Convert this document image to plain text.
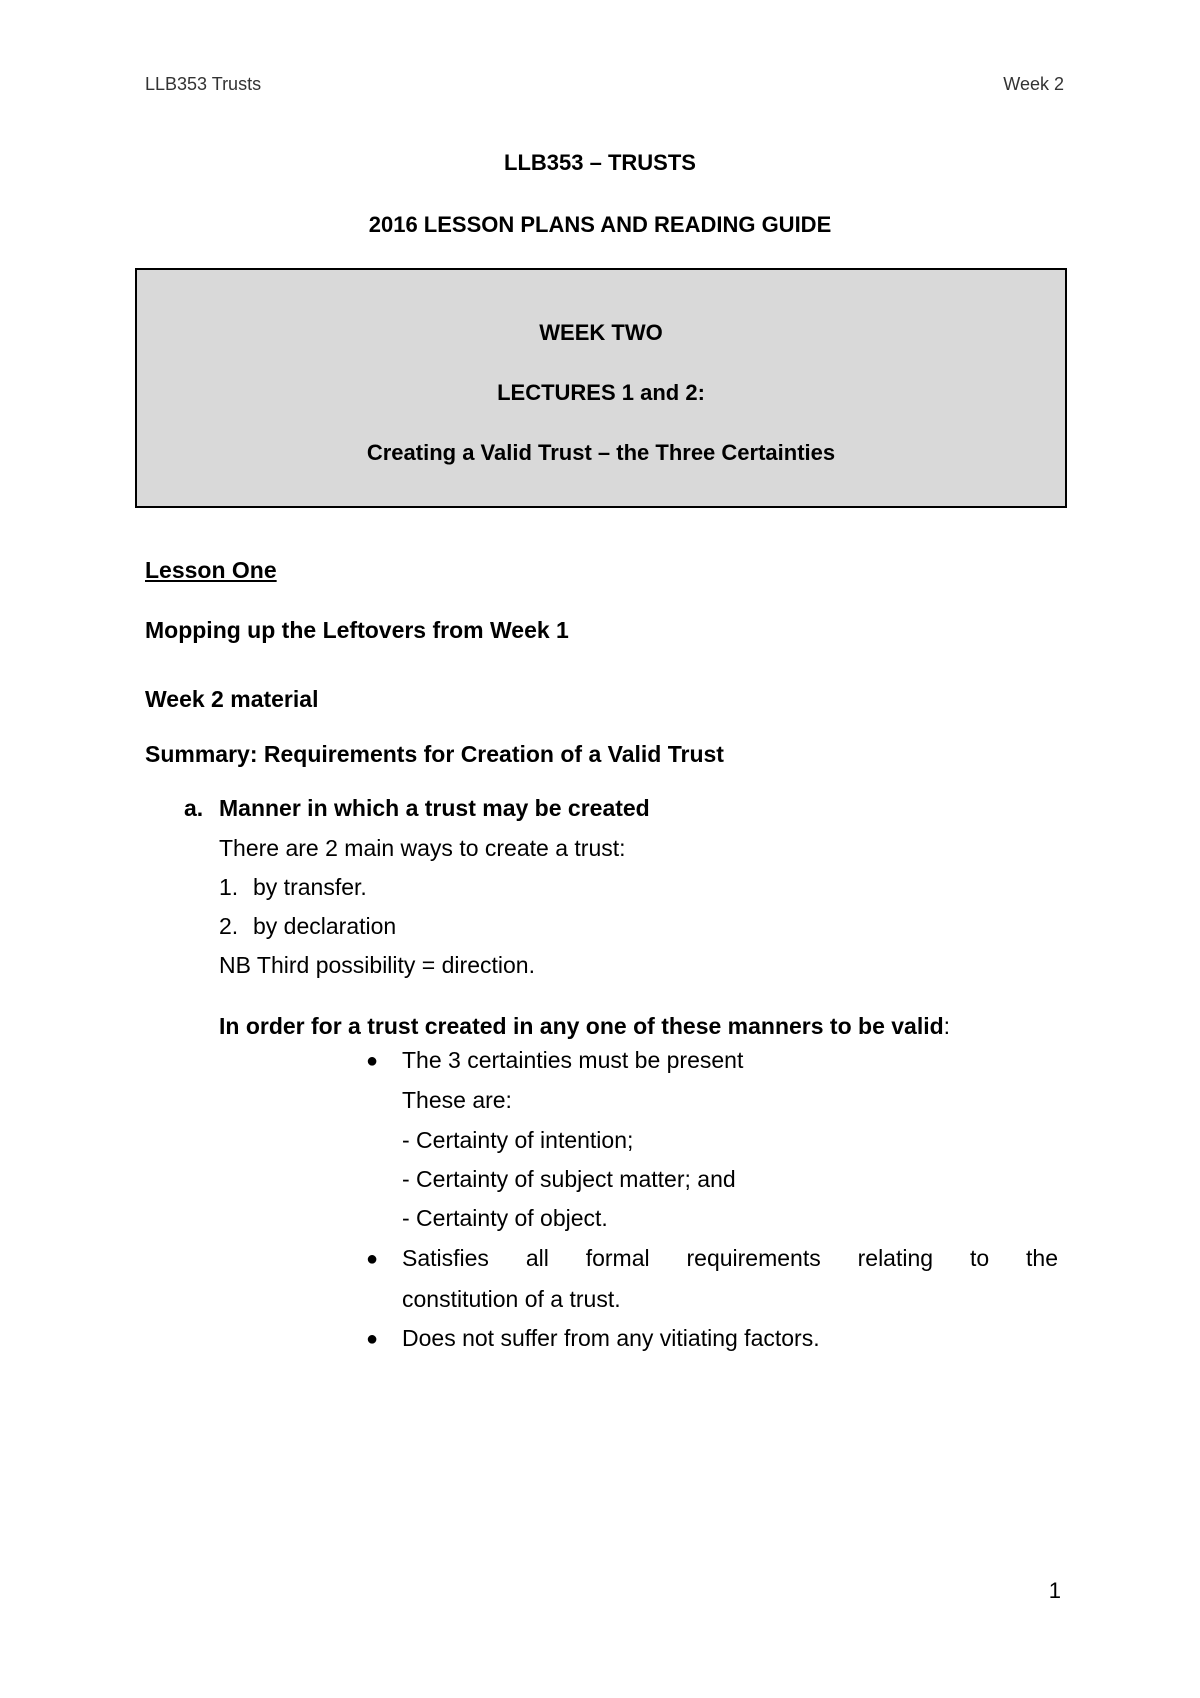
LLB353 Trusts	Week 2
LLB353 – TRUSTS
2016 LESSON PLANS AND READING GUIDE
WEEK TWO
LECTURES 1 and 2:
Creating a Valid Trust – the Three Certainties
Lesson One
Mopping up the Leftovers from Week 1
Week 2 material
Summary: Requirements for Creation of a Valid Trust
a. Manner in which a trust may be created
There are 2 main ways to create a trust:
1. by transfer.
2. by declaration
NB Third possibility = direction.
In order for a trust created in any one of these manners to be valid:
● The 3 certainties must be present
These are:
- Certainty of intention;
- Certainty of subject matter; and
- Certainty of object.
● Satisfies all formal requirements relating to the
constitution of a trust.
● Does not suffer from any vitiating factors.
1
